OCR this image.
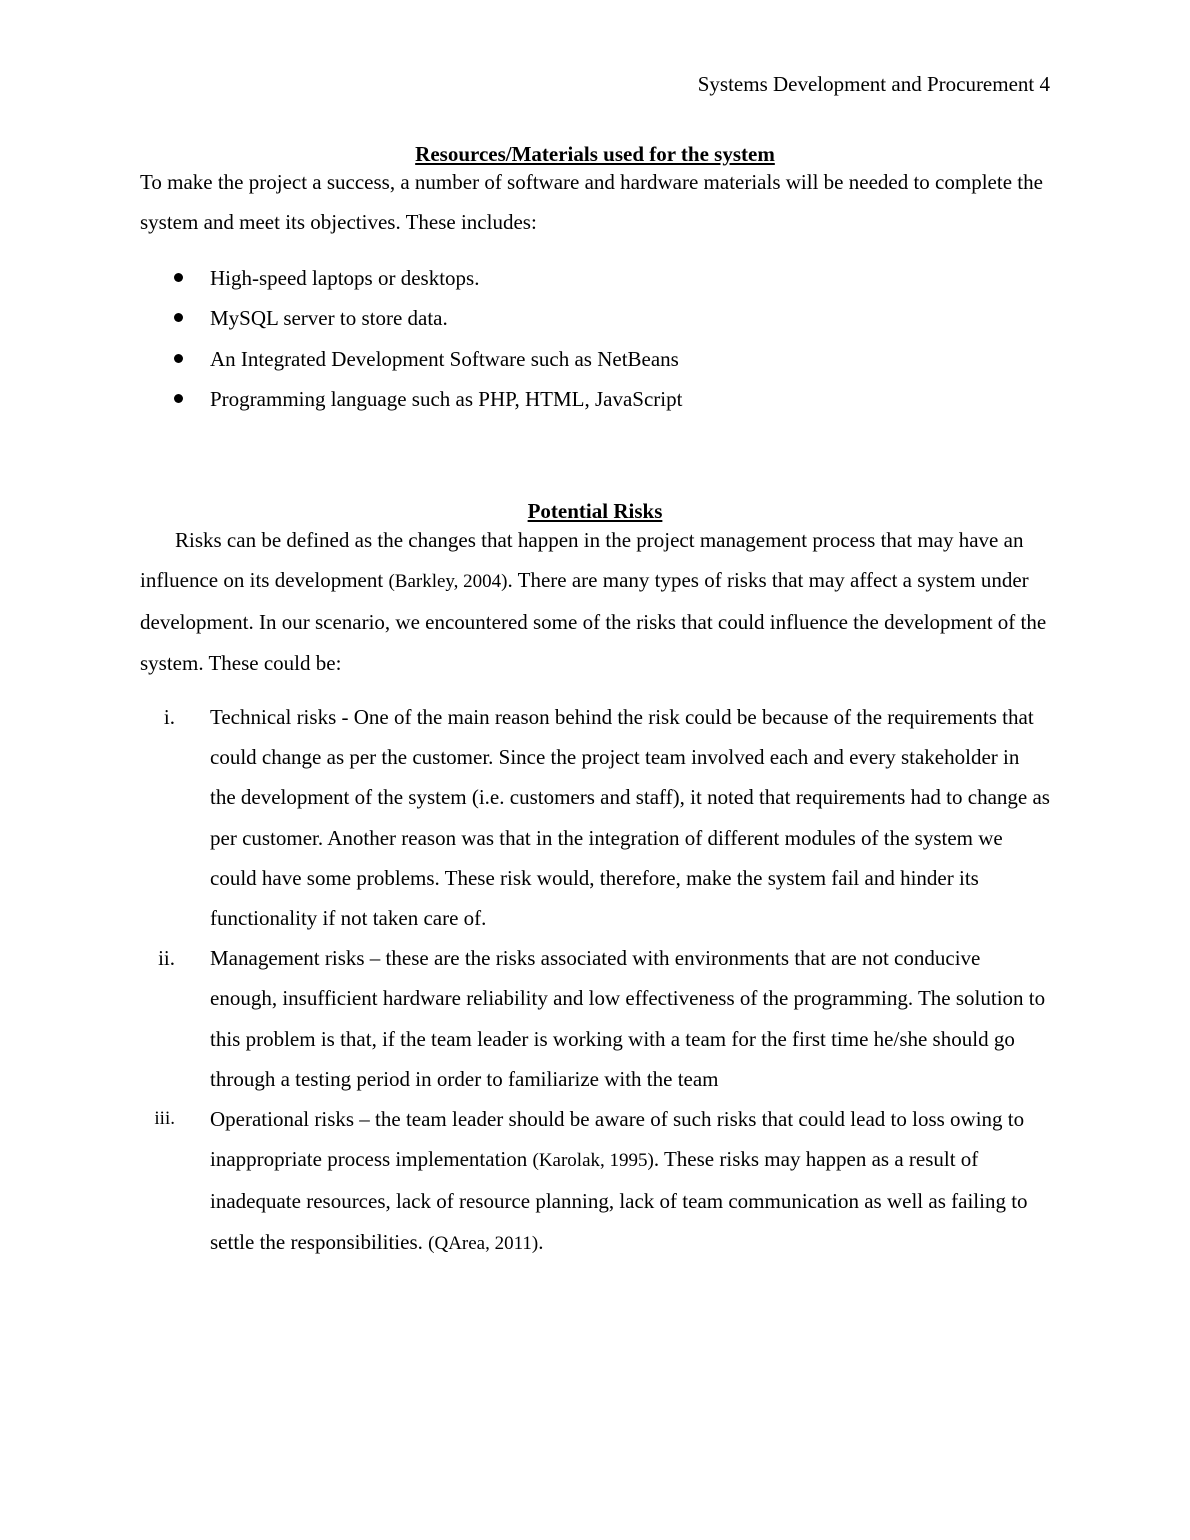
Systems Development and Procurement 4
Resources/Materials used for the system
To make the project a success, a number of software and hardware materials will be needed to complete the system and meet its objectives. These includes:
High-speed laptops or desktops.
MySQL server to store data.
An Integrated Development Software such as NetBeans
Programming language such as PHP, HTML, JavaScript
Potential Risks
Risks can be defined as the changes that happen in the project management process that may have an influence on its development (Barkley, 2004). There are many types of risks that may affect a system under development. In our scenario, we encountered some of the risks that could influence the development of the system. These could be:
i. Technical risks - One of the main reason behind the risk could be because of the requirements that could change as per the customer. Since the project team involved each and every stakeholder in the development of the system (i.e. customers and staff), it noted that requirements had to change as per customer. Another reason was that in the integration of different modules of the system we could have some problems. These risk would, therefore, make the system fail and hinder its functionality if not taken care of.
ii. Management risks – these are the risks associated with environments that are not conducive enough, insufficient hardware reliability and low effectiveness of the programming. The solution to this problem is that, if the team leader is working with a team for the first time he/she should go through a testing period in order to familiarize with the team
iii. Operational risks – the team leader should be aware of such risks that could lead to loss owing to inappropriate process implementation (Karolak, 1995). These risks may happen as a result of inadequate resources, lack of resource planning, lack of team communication as well as failing to settle the responsibilities. (QArea, 2011).
